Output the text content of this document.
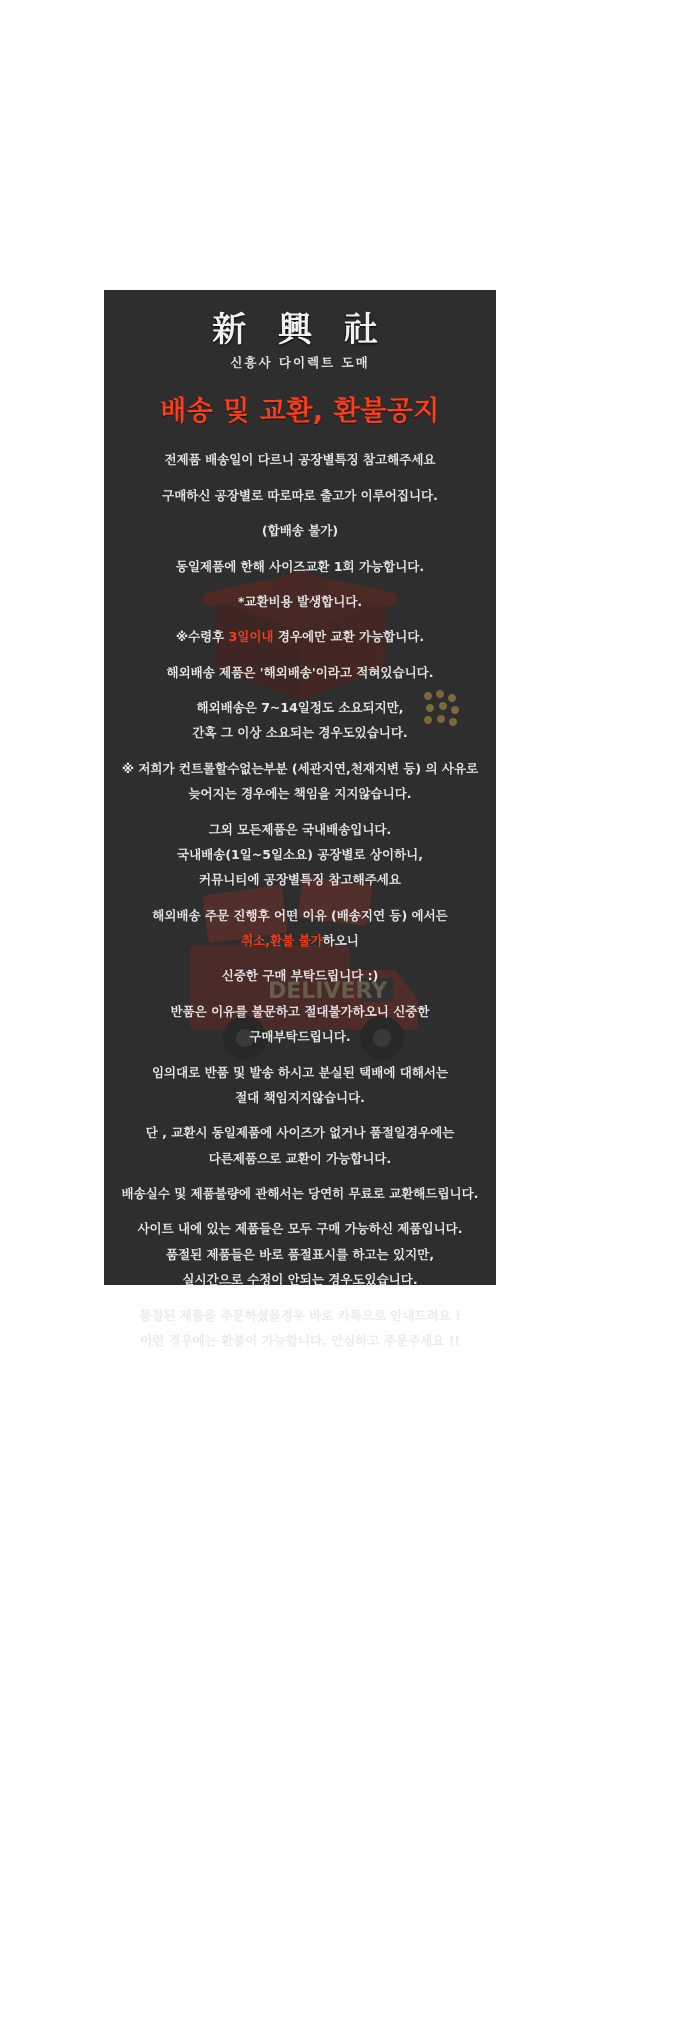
DELIVERY
新 興 社
신흥사 다이렉트 도매
배송 및 교환, 환불공지

전제품 배송일이 다르니 공장별특징 참고해주세요

구매하신 공장별로 따로따로 출고가 이루어집니다.

(합배송 불가)

동일제품에 한해 사이즈교환 1회 가능합니다.

*교환비용 발생합니다.

※수령후 3일이내 경우에만 교환 가능합니다.

해외배송 제품은 '해외배송'이라고 적혀있습니다.

해외배송은 7~14일정도 소요되지만,

간혹 그 이상 소요되는 경우도있습니다.

※ 저희가 컨트롤할수없는부분 (세관지연,천재지변 등) 의 사유로

늦어지는 경우에는 책임을 지지않습니다.

그외 모든제품은 국내배송입니다.

국내배송(1일~5일소요) 공장별로 상이하니,

커뮤니티에 공장별특징 참고해주세요

해외배송 주문 진행후 어떤 이유 (배송지연 등) 에서든

취소,환불 불가하오니

신중한 구매 부탁드립니다 :)

반품은 이유를 불문하고 절대불가하오니 신중한

구매부탁드립니다.

임의대로 반품 및 발송 하시고 분실된 택배에 대해서는

절대 책임지지않습니다.

단 , 교환시 동일제품에 사이즈가 없거나 품절일경우에는

다른제품으로 교환이 가능합니다.

배송실수 및 제품불량에 관해서는 당연히 무료로 교환해드립니다.

사이트 내에 있는 제품들은 모두 구매 가능하신 제품입니다.

품절된 제품들은 바로 품절표시를 하고는 있지만,

실시간으로 수정이 안되는 경우도있습니다.

품절된 제품을 주문하셨을경우 바로 카톡으로 안내드려요 !

이런 경우에는 환불이 가능합니다. 안심하고 주문주세요 !!
